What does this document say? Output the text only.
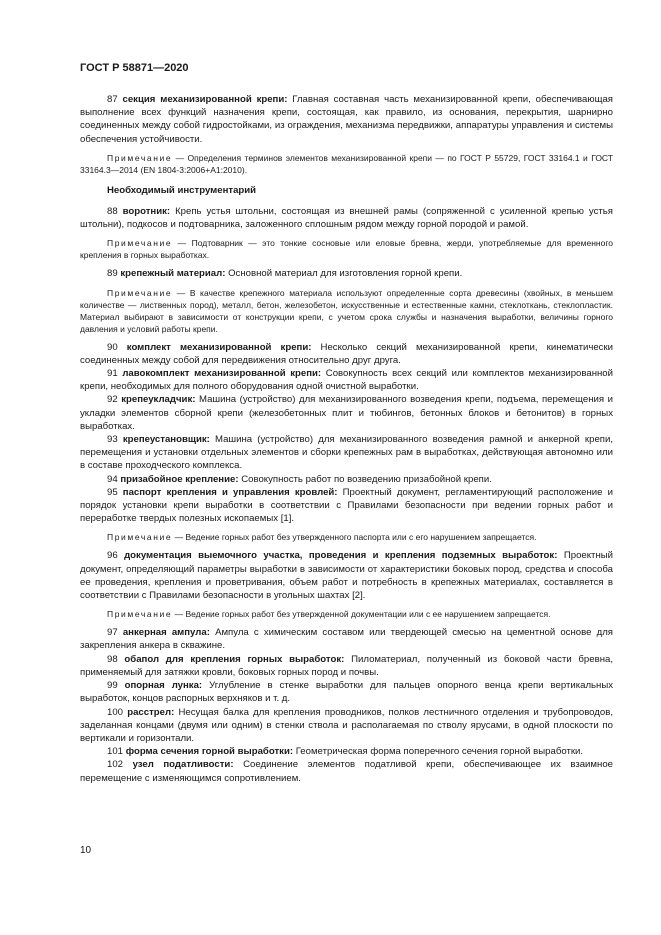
ГОСТ Р 58871—2020

87 секция механизированной крепи: Главная составная часть механизированной крепи, обеспечивающая выполнение всех функций назначения крепи, состоящая, как правило, из основания, перекрытия, шарнирно соединенных между собой гидростойками, из ограждения, механизма передвижки, аппаратуры управления и системы обеспечения устойчивости.

Примечание — Определения терминов элементов механизированной крепи — по ГОСТ Р 55729, ГОСТ 33164.1 и ГОСТ 33164.3—2014 (EN 1804-3:2006+A1:2010).

Необходимый инструментарий

88 воротник: Крепь устья штольни, состоящая из внешней рамы (сопряженной с усиленной крепью устья штольни), подкосов и подтоварника, заложенного сплошным рядом между горной породой и рамой.

Примечание — Подтоварник — это тонкие сосновые или еловые бревна, жерди, употребляемые для временного крепления в горных выработках.

89 крепежный материал: Основной материал для изготовления горной крепи.

Примечание — В качестве крепежного материала используют определенные сорта древесины (хвойных, в меньшем количестве — лиственных пород), металл, бетон, железобетон, искусственные и естественные камни, стеклоткань, стеклопластик. Материал выбирают в зависимости от конструкции крепи, с учетом срока службы и назначения выработки, величины горного давления и условий работы крепи.

90 комплект механизированной крепи: Несколько секций механизированной крепи, кинематически соединенных между собой для передвижения относительно друг друга.

91 лавокомплект механизированной крепи: Совокупность всех секций или комплектов механизированной крепи, необходимых для полного оборудования одной очистной выработки.

92 крепеукладчик: Машина (устройство) для механизированного возведения крепи, подъема, перемещения и укладки элементов сборной крепи (железобетонных плит и тюбингов, бетонных блоков и бетонитов) в горных выработках.

93 крепеустановщик: Машина (устройство) для механизированного возведения рамной и анкерной крепи, перемещения и установки отдельных элементов и сборки крепежных рам в выработках, действующая автономно или в составе проходческого комплекса.

94 призабойное крепление: Совокупность работ по возведению призабойной крепи.

95 паспорт крепления и управления кровлей: Проектный документ, регламентирующий расположение и порядок установки крепи выработки в соответствии с Правилами безопасности при ведении горных работ и переработке твердых полезных ископаемых [1].

Примечание — Ведение горных работ без утвержденного паспорта или с его нарушением запрещается.

96 документация выемочного участка, проведения и крепления подземных выработок: Проектный документ, определяющий параметры выработки в зависимости от характеристики боковых пород, средства и способа ее проведения, крепления и проветривания, объем работ и потребность в крепежных материалах, составляется в соответствии с Правилами безопасности в угольных шахтах [2].

Примечание — Ведение горных работ без утвержденной документации или с ее нарушением запрещается.

97 анкерная ампула: Ампула с химическим составом или твердеющей смесью на цементной основе для закрепления анкера в скважине.

98 обапол для крепления горных выработок: Пиломатериал, полученный из боковой части бревна, применяемый для затяжки кровли, боковых горных пород и почвы.

99 опорная лунка: Углубление в стенке выработки для пальцев опорного венца крепи вертикальных выработок, концов распорных верхняков и т. д.

100 расстрел: Несущая балка для крепления проводников, полков лестничного отделения и трубопроводов, заделанная концами (двумя или одним) в стенки ствола и располагаемая по стволу ярусами, в одной плоскости по вертикали и горизонтали.

101 форма сечения горной выработки: Геометрическая форма поперечного сечения горной выработки.

102 узел податливости: Соединение элементов податливой крепи, обеспечивающее их взаимное перемещение с изменяющимся сопротивлением.

10
